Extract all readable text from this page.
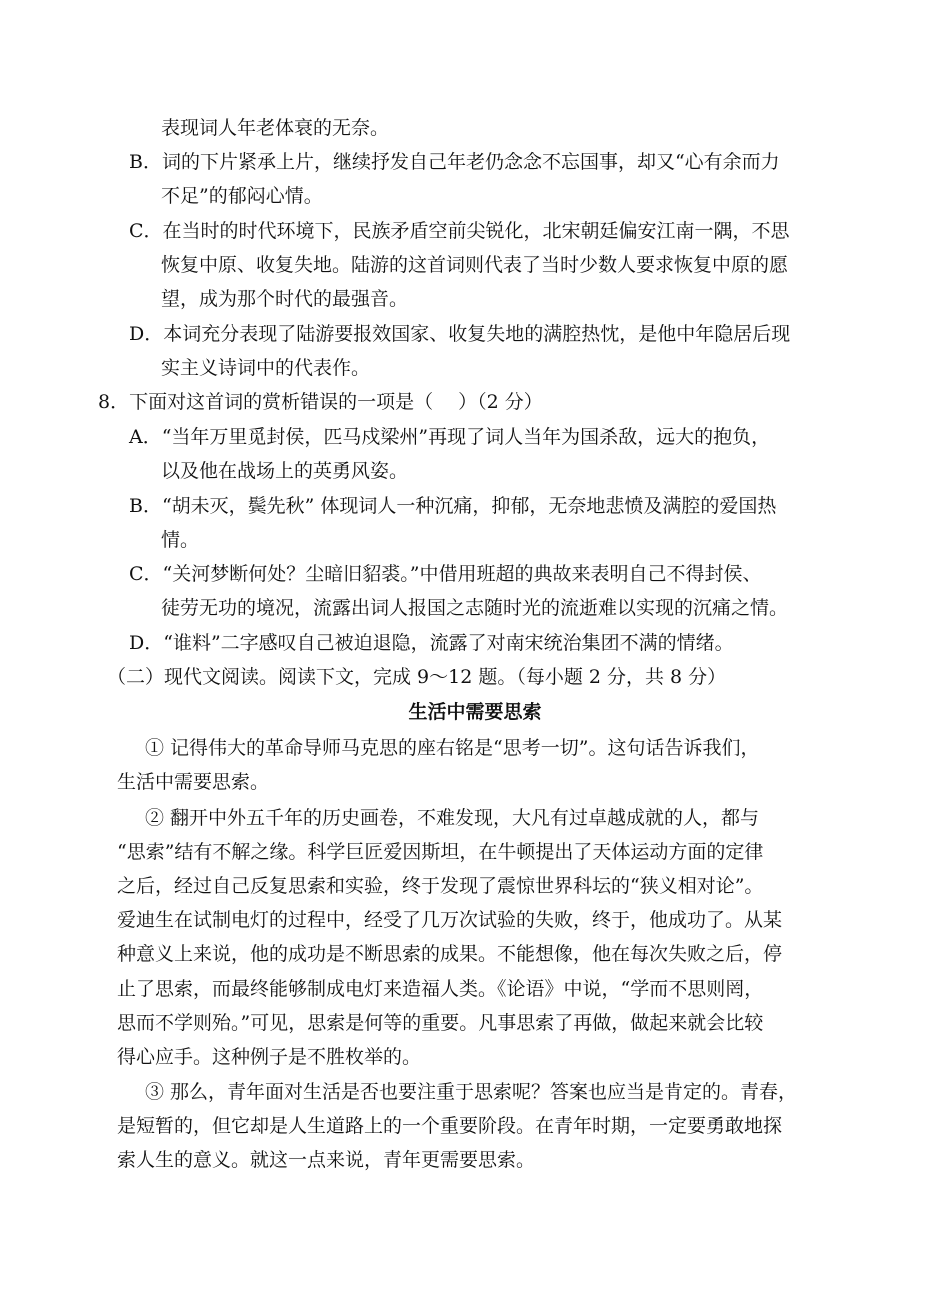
表现词人年老体衰的无奈。
B．词的下片紧承上片，继续抒发自己年老仍念念不忘国事，却又“心有余而力
不足”的郁闷心情。
C．在当时的时代环境下，民族矛盾空前尖锐化，北宋朝廷偏安江南一隅，不思
恢复中原、收复失地。陆游的这首词则代表了当时少数人要求恢复中原的愿
望，成为那个时代的最强音。
D．本词充分表现了陆游要报效国家、收复失地的满腔热忱，是他中年隐居后现
实主义诗词中的代表作。
8．下面对这首词的赏析错误的一项是（　 ）（2 分）
A．“当年万里觅封侯，匹马戍梁州”再现了词人当年为国杀敌，远大的抱负，
以及他在战场上的英勇风姿。
B．“胡未灭，鬓先秋” 体现词人一种沉痛，抑郁，无奈地悲愤及满腔的爱国热
情。
C．“关河梦断何处？尘暗旧貂裘。”中借用班超的典故来表明自己不得封侯、
徒劳无功的境况，流露出词人报国之志随时光的流逝难以实现的沉痛之情。
D．“谁料”二字感叹自己被迫退隐，流露了对南宋统治集团不满的情绪。
（二）现代文阅读。阅读下文，完成 9～12 题。（每小题 2 分，共 8 分）
生活中需要思索
① 记得伟大的革命导师马克思的座右铭是“思考一切”。这句话告诉我们，
生活中需要思索。
② 翻开中外五千年的历史画卷，不难发现，大凡有过卓越成就的人，都与
“思索”结有不解之缘。科学巨匠爱因斯坦，在牛顿提出了天体运动方面的定律
之后，经过自己反复思索和实验，终于发现了震惊世界科坛的“狭义相对论”。
爱迪生在试制电灯的过程中，经受了几万次试验的失败，终于，他成功了。从某
种意义上来说，他的成功是不断思索的成果。不能想像，他在每次失败之后，停
止了思索，而最终能够制成电灯来造福人类。《论语》中说，“学而不思则罔，
思而不学则殆。”可见，思索是何等的重要。凡事思索了再做，做起来就会比较
得心应手。这种例子是不胜枚举的。
③ 那么，青年面对生活是否也要注重于思索呢？答案也应当是肯定的。青春，
是短暂的，但它却是人生道路上的一个重要阶段。在青年时期，一定要勇敢地探
索人生的意义。就这一点来说，青年更需要思索。
